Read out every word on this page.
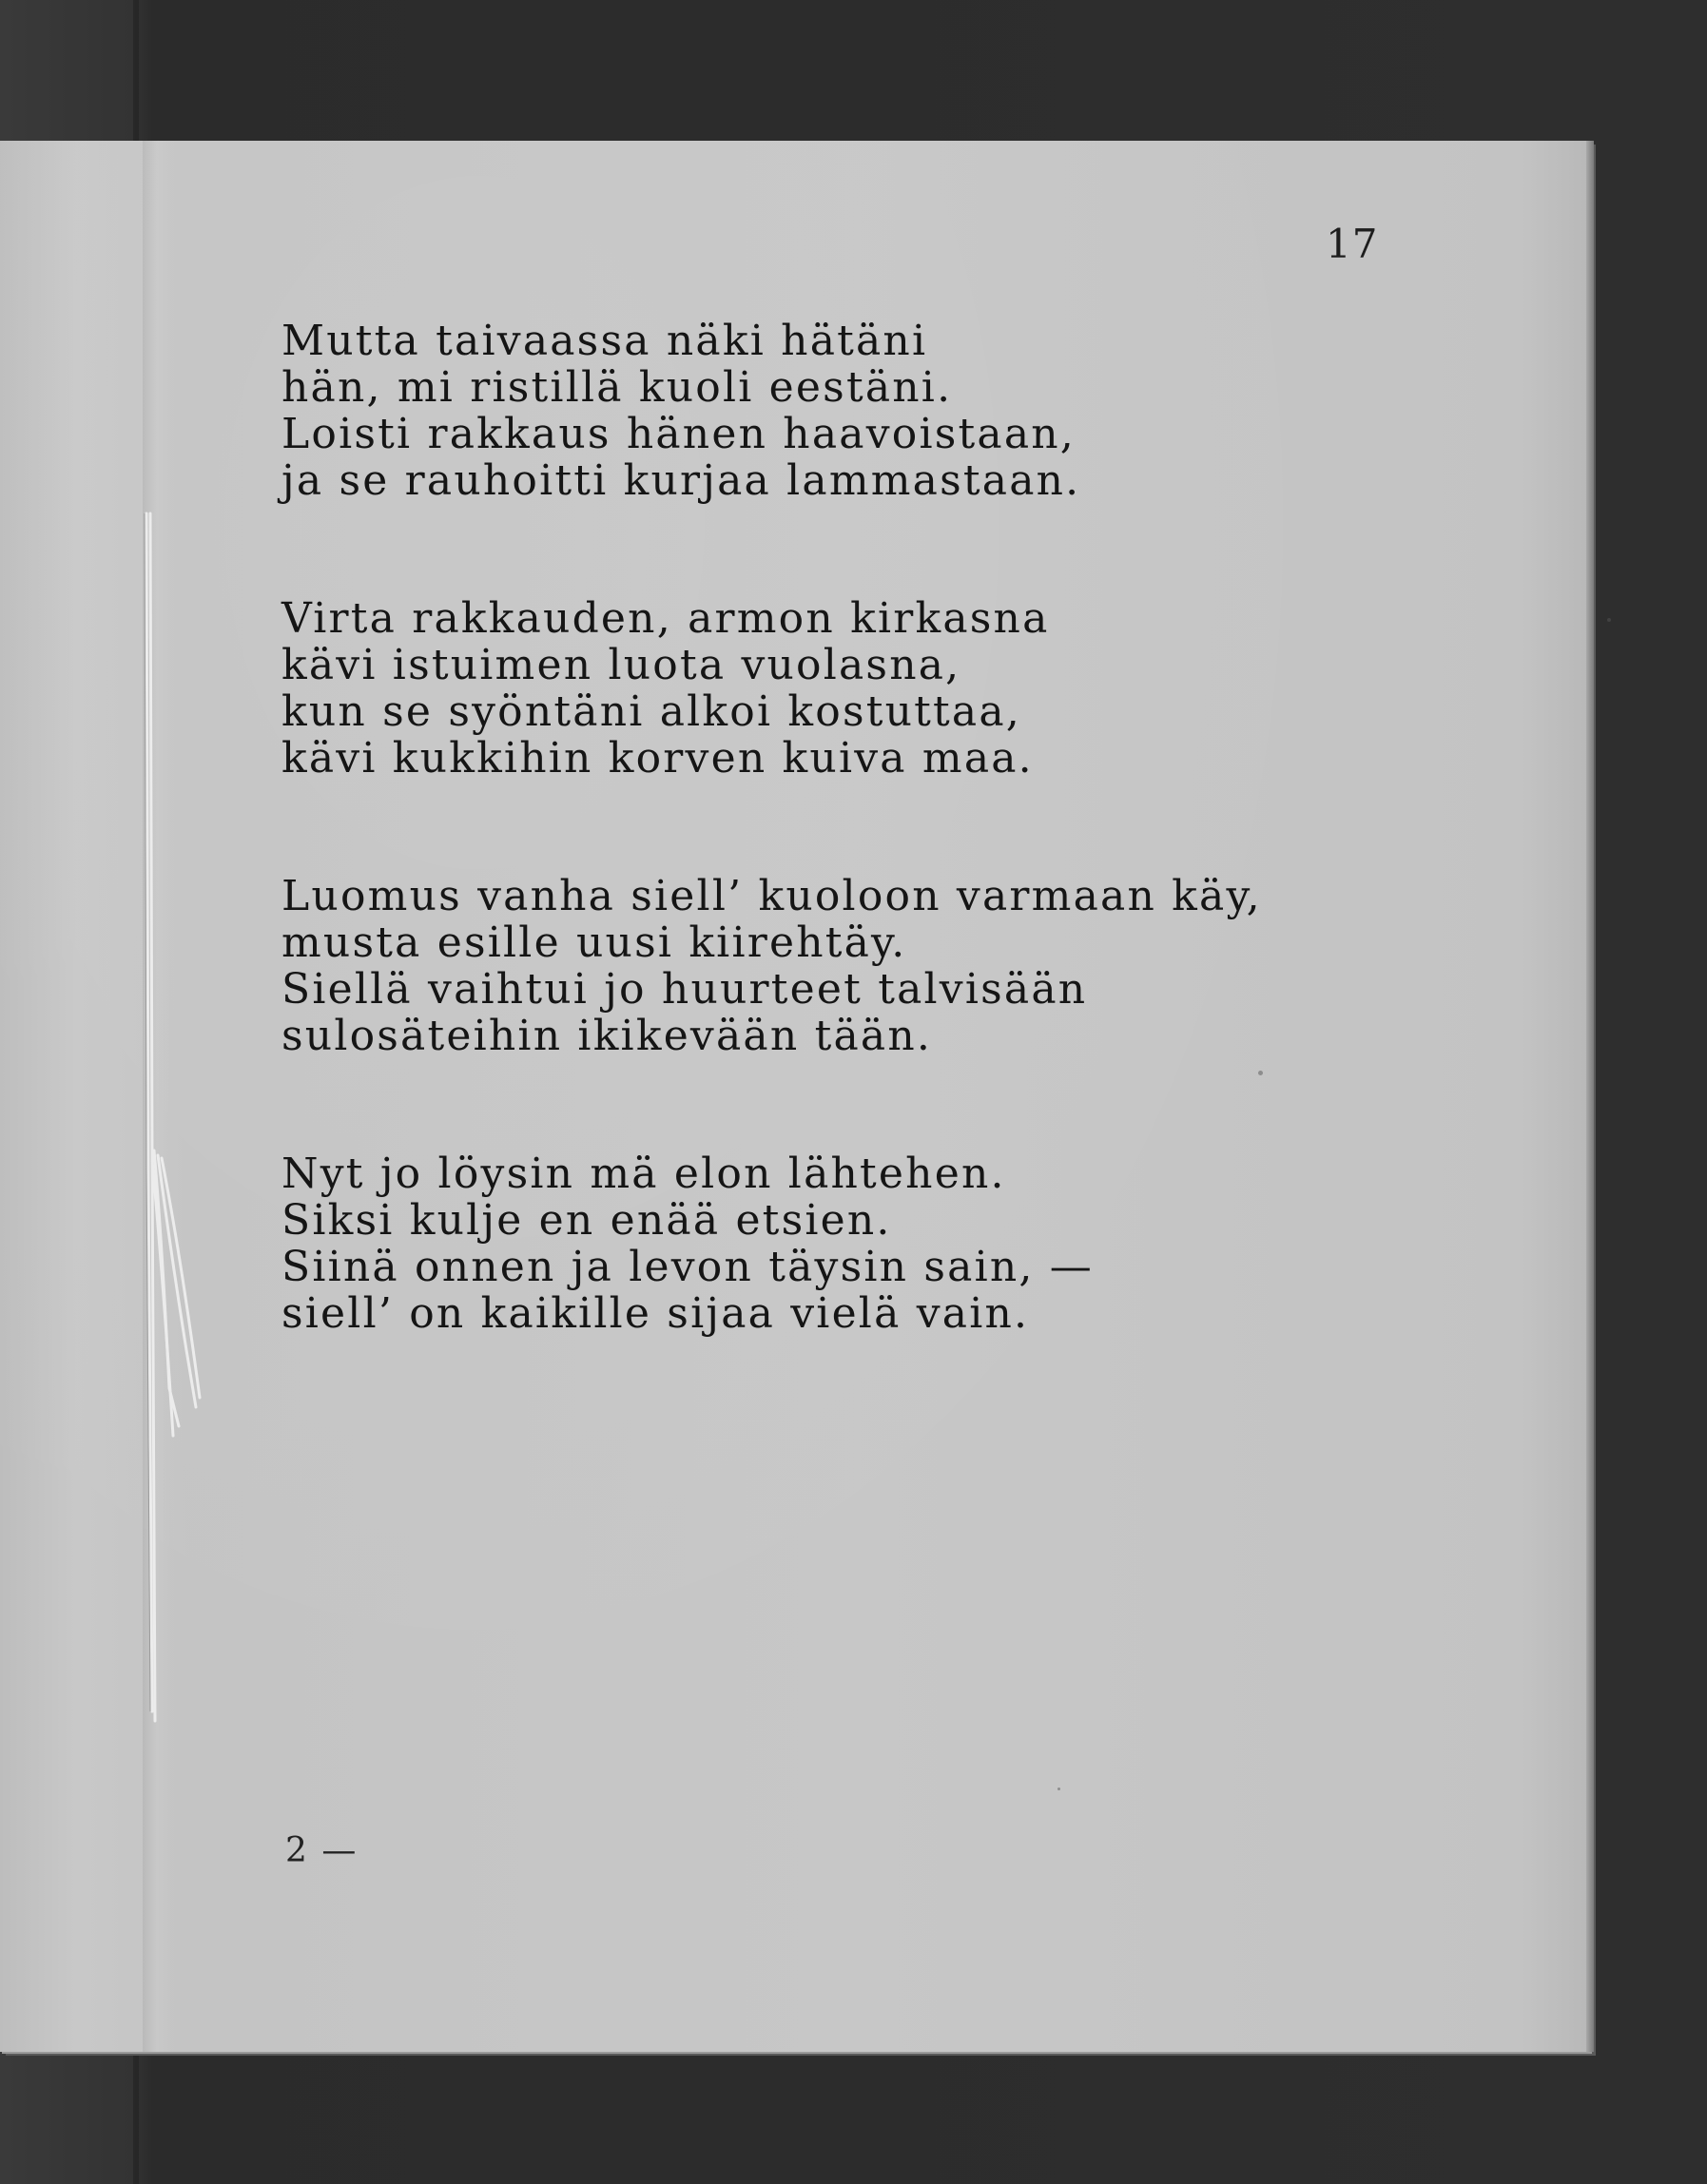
17
Mutta taivaassa näki hätäni
hän, mi ristillä kuoli eestäni.
Loisti rakkaus hänen haavoistaan,
ja se rauhoitti kurjaa lammastaan.
Virta rakkauden, armon kirkasna
kävi istuimen luota vuolasna,
kun se syöntäni alkoi kostuttaa,
kävi kukkihin korven kuiva maa.
Luomus vanha siell’ kuoloon varmaan käy,
musta esille uusi kiirehtäy.
Siellä vaihtui jo huurteet talvisään
sulosäteihin ikikevään tään.
Nyt jo löysin mä elon lähtehen.
Siksi kulje en enää etsien.
Siinä onnen ja levon täysin sain, —
siell’ on kaikille sijaa vielä vain.
2 —
